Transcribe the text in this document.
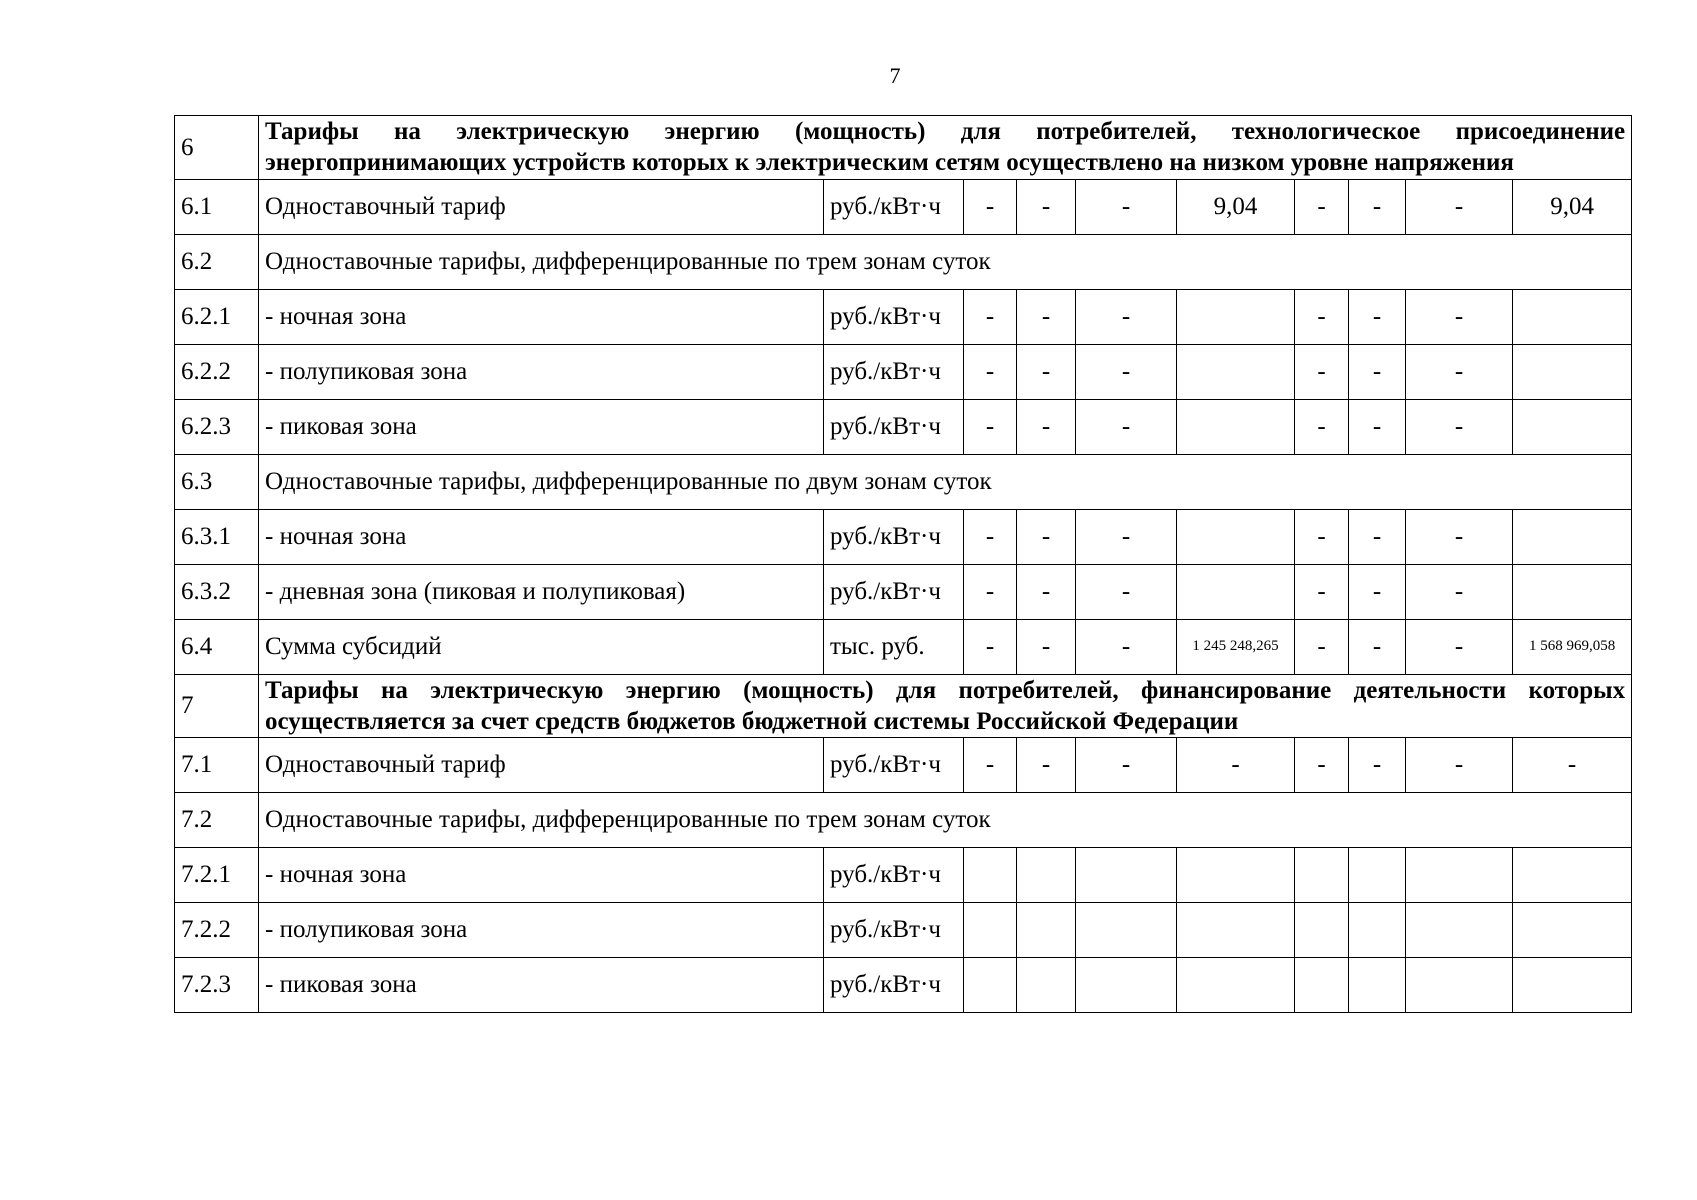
7
6	Тарифы на электрическую энергию (мощность) для потребителей, технологическое присоединение энергопринимающих устройств которых к электрическим сетям осуществлено на низком уровне напряжения									
6.1	Одноставочный тариф	руб./кВт·ч	-	-	-	9,04	-	-	-	9,04
6.2	Одноставочные тарифы, дифференцированные по трем зонам суток									
6.2.1	- ночная зона	руб./кВт·ч	-	-	-		-	-	-	
6.2.2	- полупиковая зона	руб./кВт·ч	-	-	-		-	-	-	
6.2.3	- пиковая зона	руб./кВт·ч	-	-	-		-	-	-	
6.3	Одноставочные тарифы, дифференцированные по двум зонам суток									
6.3.1	- ночная зона	руб./кВт·ч	-	-	-		-	-	-	
6.3.2	- дневная зона (пиковая и полупиковая)	руб./кВт·ч	-	-	-		-	-	-	
6.4	Сумма субсидий	тыс. руб.	-	-	-	1 245 248,265	-	-	-	1 568 969,058
7	Тарифы на электрическую энергию (мощность) для потребителей, финансирование деятельности которых осуществляется за счет средств бюджетов бюджетной системы Российской Федерации									
7.1	Одноставочный тариф	руб./кВт·ч	-	-	-	-	-	-	-	-
7.2	Одноставочные тарифы, дифференцированные по трем зонам суток									
7.2.1	- ночная зона	руб./кВт·ч								
7.2.2	- полупиковая зона	руб./кВт·ч								
7.2.3	- пиковая зона	руб./кВт·ч								
